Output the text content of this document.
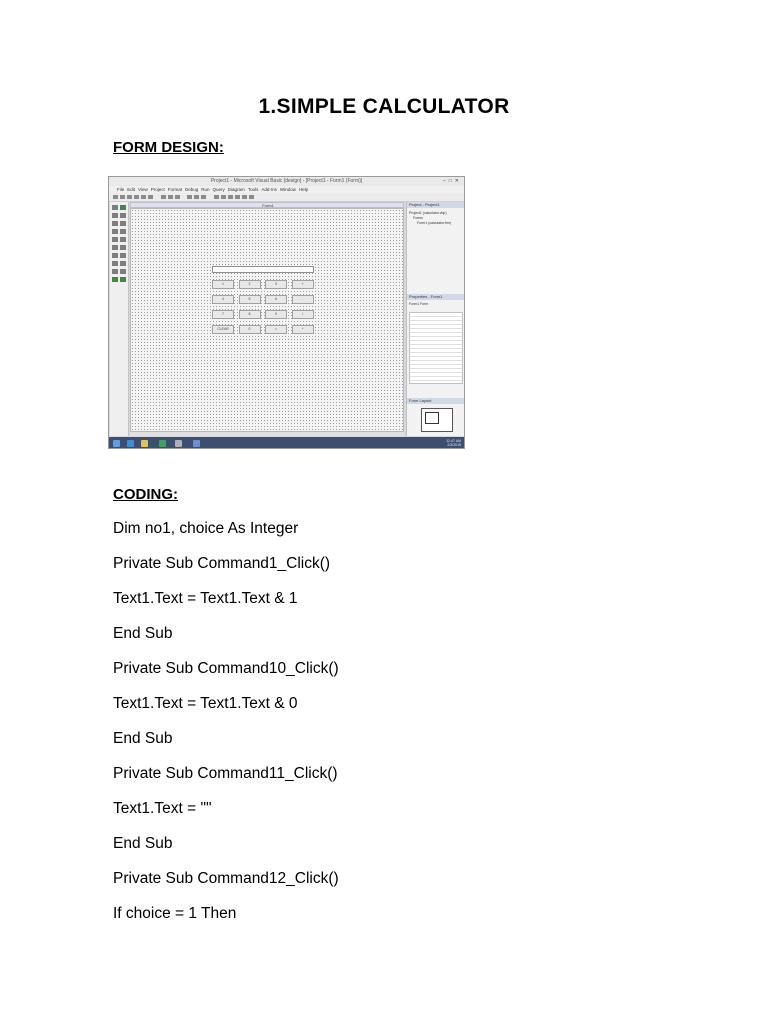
1.SIMPLE CALCULATOR
FORM DESIGN:
Project1 - Microsoft Visual Basic [design] - [Project1 - Form1 (Form)]	–□✕
File Edit View Project Format Debug Run Query Diagram Tools Add-Ins Window Help
Form1
1	2	3	+
4	5	6	-
7	8	9	/
CLEAR	0	=	*
Project - Project1
Project1 (calculator.vbp)
Forms
Form1 (calculator.frm)
Properties - Form1
Form1 Form
Form Layout
12:47 AM
2/3/2015
CODING:
Dim no1, choice As Integer
Private Sub Command1_Click()
Text1.Text = Text1.Text & 1
End Sub
Private Sub Command10_Click()
Text1.Text = Text1.Text & 0
End Sub
Private Sub Command11_Click()
Text1.Text = ""
End Sub
Private Sub Command12_Click()
If choice = 1 Then
